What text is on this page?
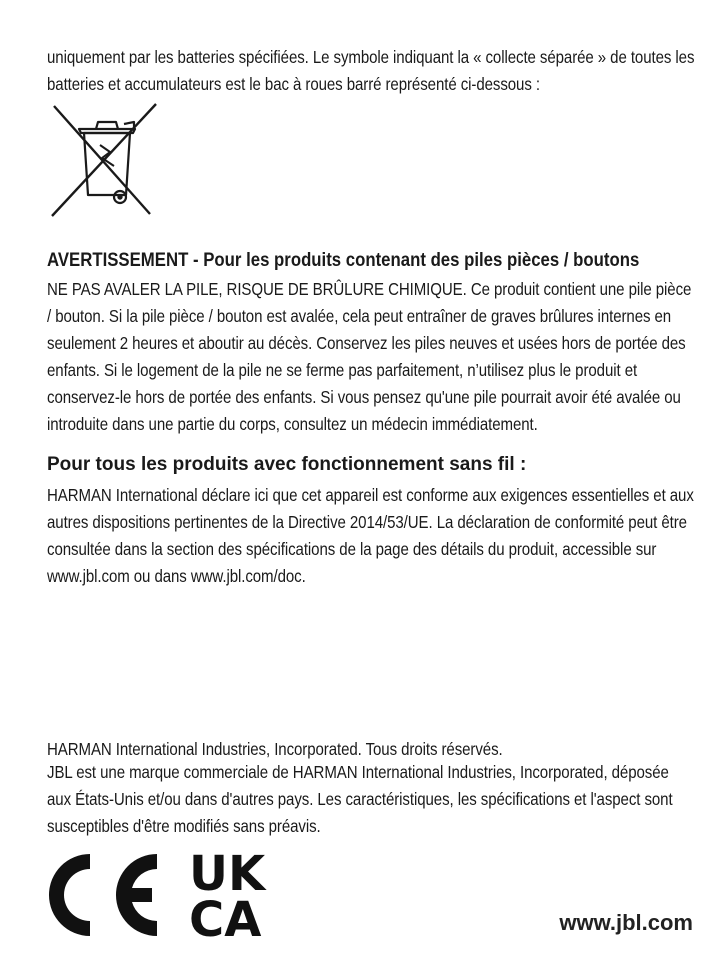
uniquement par les batteries spécifiées. Le symbole indiquant la « collecte séparée » de toutes les batteries et accumulateurs est le bac à roues barré représenté ci-dessous :

AVERTISSEMENT - Pour les produits contenant des piles pièces / boutons

NE PAS AVALER LA PILE, RISQUE DE BRÛLURE CHIMIQUE. Ce produit contient une pile pièce / bouton. Si la pile pièce / bouton est avalée, cela peut entraîner de graves brûlures internes en seulement 2 heures et aboutir au décès. Conservez les piles neuves et usées hors de portée des enfants. Si le logement de la pile ne se ferme pas parfaitement, n’utilisez plus le produit et conservez-le hors de portée des enfants. Si vous pensez qu'une pile pourrait avoir été avalée ou introduite dans une partie du corps, consultez un médecin immédiatement.

Pour tous les produits avec fonctionnement sans fil :

HARMAN International déclare ici que cet appareil est conforme aux exigences essentielles et aux autres dispositions pertinentes de la Directive 2014/53/UE. La déclaration de conformité peut être consultée dans la section des spécifications de la page des détails du produit, accessible sur www.jbl.com ou dans www.jbl.com/doc.

HARMAN International Industries, Incorporated. Tous droits réservés.

JBL est une marque commerciale de HARMAN International Industries, Incorporated, déposée aux États-Unis et/ou dans d'autres pays. Les caractéristiques, les spécifications et l'aspect sont susceptibles d'être modifiés sans préavis.

UK
CA	www.jbl.com
